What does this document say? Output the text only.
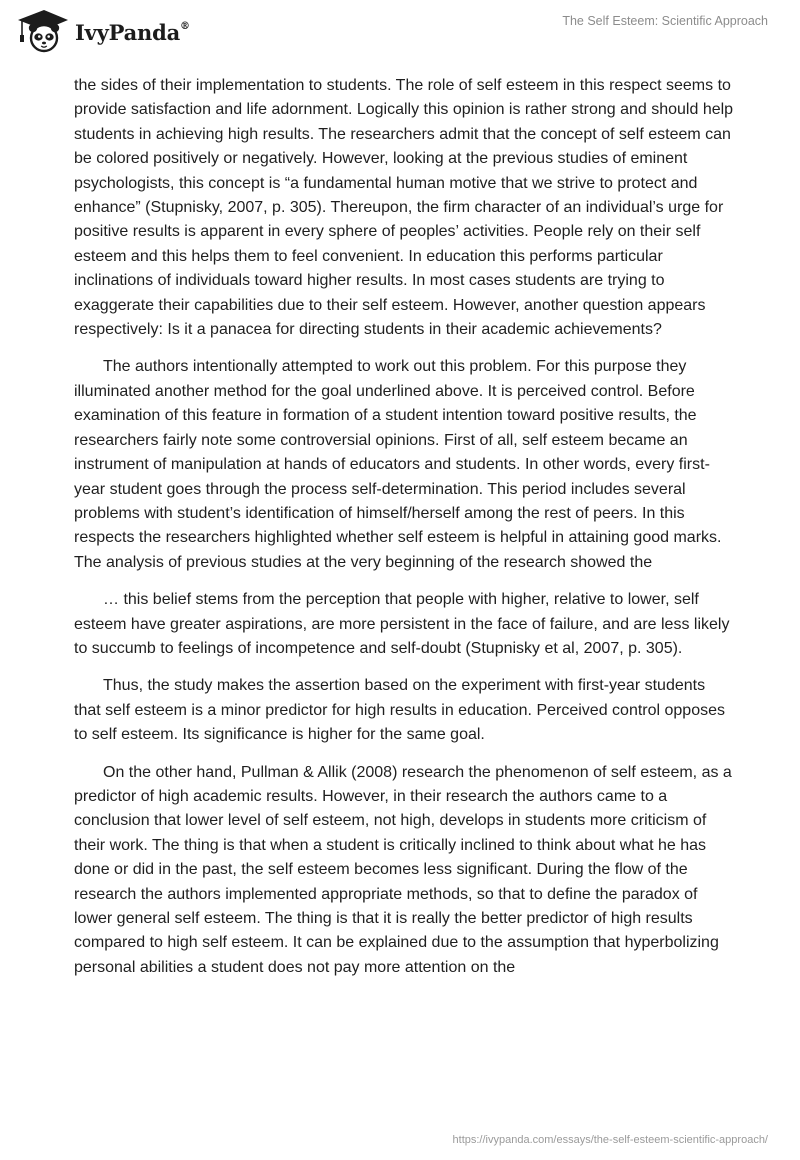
IvyPanda®	The Self Esteem: Scientific Approach

the sides of their implementation to students. The role of self esteem in this respect seems to provide satisfaction and life adornment. Logically this opinion is rather strong and should help students in achieving high results. The researchers admit that the concept of self esteem can be colored positively or negatively. However, looking at the previous studies of eminent psychologists, this concept is “a fundamental human motive that we strive to protect and enhance” (Stupnisky, 2007, p. 305). Thereupon, the firm character of an individual’s urge for positive results is apparent in every sphere of peoples’ activities. People rely on their self esteem and this helps them to feel convenient. In education this performs particular inclinations of individuals toward higher results. In most cases students are trying to exaggerate their capabilities due to their self esteem. However, another question appears respectively: Is it a panacea for directing students in their academic achievements?

The authors intentionally attempted to work out this problem. For this purpose they illuminated another method for the goal underlined above. It is perceived control. Before examination of this feature in formation of a student intention toward positive results, the researchers fairly note some controversial opinions. First of all, self esteem became an instrument of manipulation at hands of educators and students. In other words, every first-year student goes through the process self-determination. This period includes several problems with student’s identification of himself/herself among the rest of peers. In this respects the researchers highlighted whether self esteem is helpful in attaining good marks. The analysis of previous studies at the very beginning of the research showed the

… this belief stems from the perception that people with higher, relative to lower, self esteem have greater aspirations, are more persistent in the face of failure, and are less likely to succumb to feelings of incompetence and self-doubt (Stupnisky et al, 2007, p. 305).

Thus, the study makes the assertion based on the experiment with first-year students that self esteem is a minor predictor for high results in education. Perceived control opposes to self esteem. Its significance is higher for the same goal.

On the other hand, Pullman & Allik (2008) research the phenomenon of self esteem, as a predictor of high academic results. However, in their research the authors came to a conclusion that lower level of self esteem, not high, develops in students more criticism of their work. The thing is that when a student is critically inclined to think about what he has done or did in the past, the self esteem becomes less significant. During the flow of the research the authors implemented appropriate methods, so that to define the paradox of lower general self esteem. The thing is that it is really the better predictor of high results compared to high self esteem. It can be explained due to the assumption that hyperbolizing personal abilities a student does not pay more attention on the

https://ivypanda.com/essays/the-self-esteem-scientific-approach/
